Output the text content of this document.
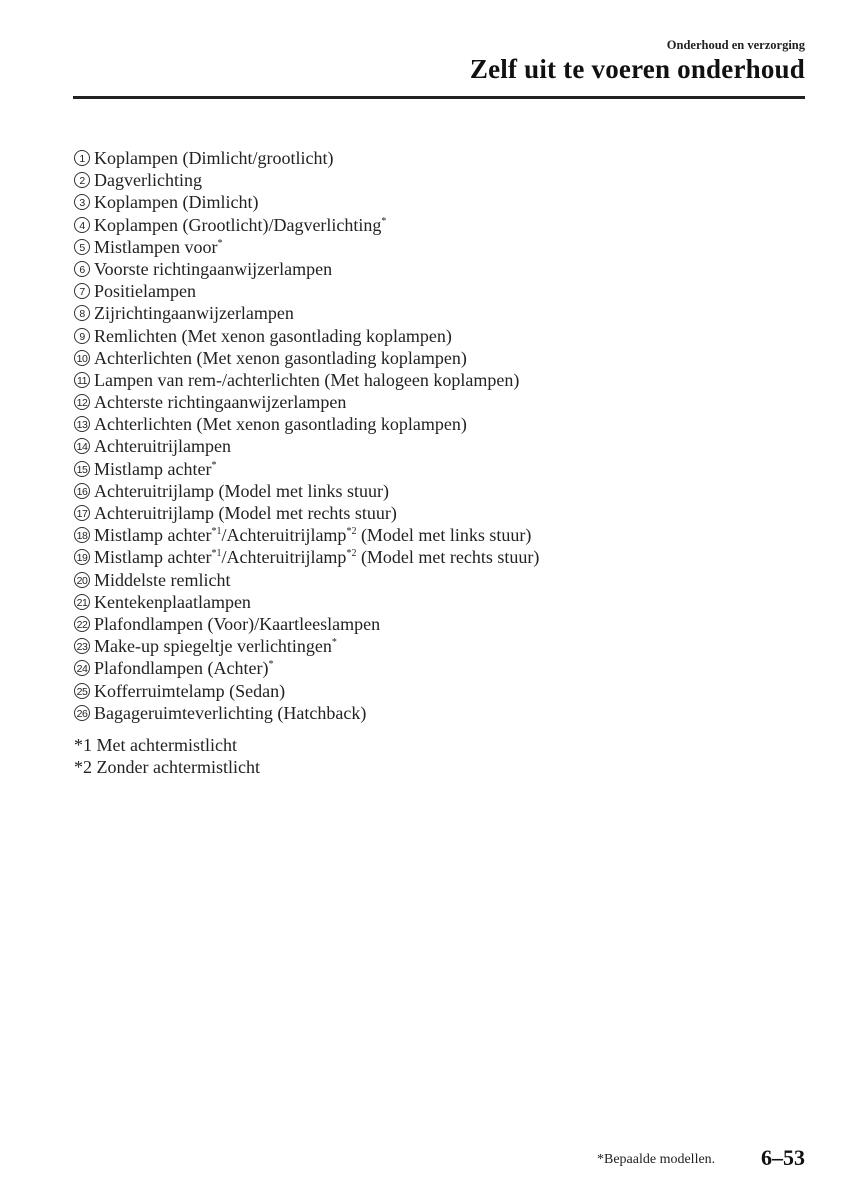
Onderhoud en verzorging
Zelf uit te voeren onderhoud
1 Koplampen (Dimlicht/grootlicht)
2 Dagverlichting
3 Koplampen (Dimlicht)
4 Koplampen (Grootlicht)/Dagverlichting*
5 Mistlampen voor*
6 Voorste richtingaanwijzerlampen
7 Positielampen
8 Zijrichtingaanwijzerlampen
9 Remlichten (Met xenon gasontlading koplampen)
10 Achterlichten (Met xenon gasontlading koplampen)
11 Lampen van rem-/achterlichten (Met halogeen koplampen)
12 Achterste richtingaanwijzerlampen
13 Achterlichten (Met xenon gasontlading koplampen)
14 Achteruitrijlampen
15 Mistlamp achter*
16 Achteruitrijlamp (Model met links stuur)
17 Achteruitrijlamp (Model met rechts stuur)
18 Mistlamp achter$^{*1}$/Achteruitrijlamp$^{*2}$ (Model met links stuur)
19 Mistlamp achter$^{*1}$/Achteruitrijlamp$^{*2}$ (Model met rechts stuur)
20 Middelste remlicht
21 Kentekenplaatlampen
22 Plafondlampen (Voor)/Kaartleeslampen
23 Make-up spiegeltje verlichtingen*
24 Plafondlampen (Achter)*
25 Kofferruimtelamp (Sedan)
26 Bagageruimteverlichting (Hatchback)
*1 Met achtermistlicht
*2 Zonder achtermistlicht
*Bepaalde modellen. 6–53
